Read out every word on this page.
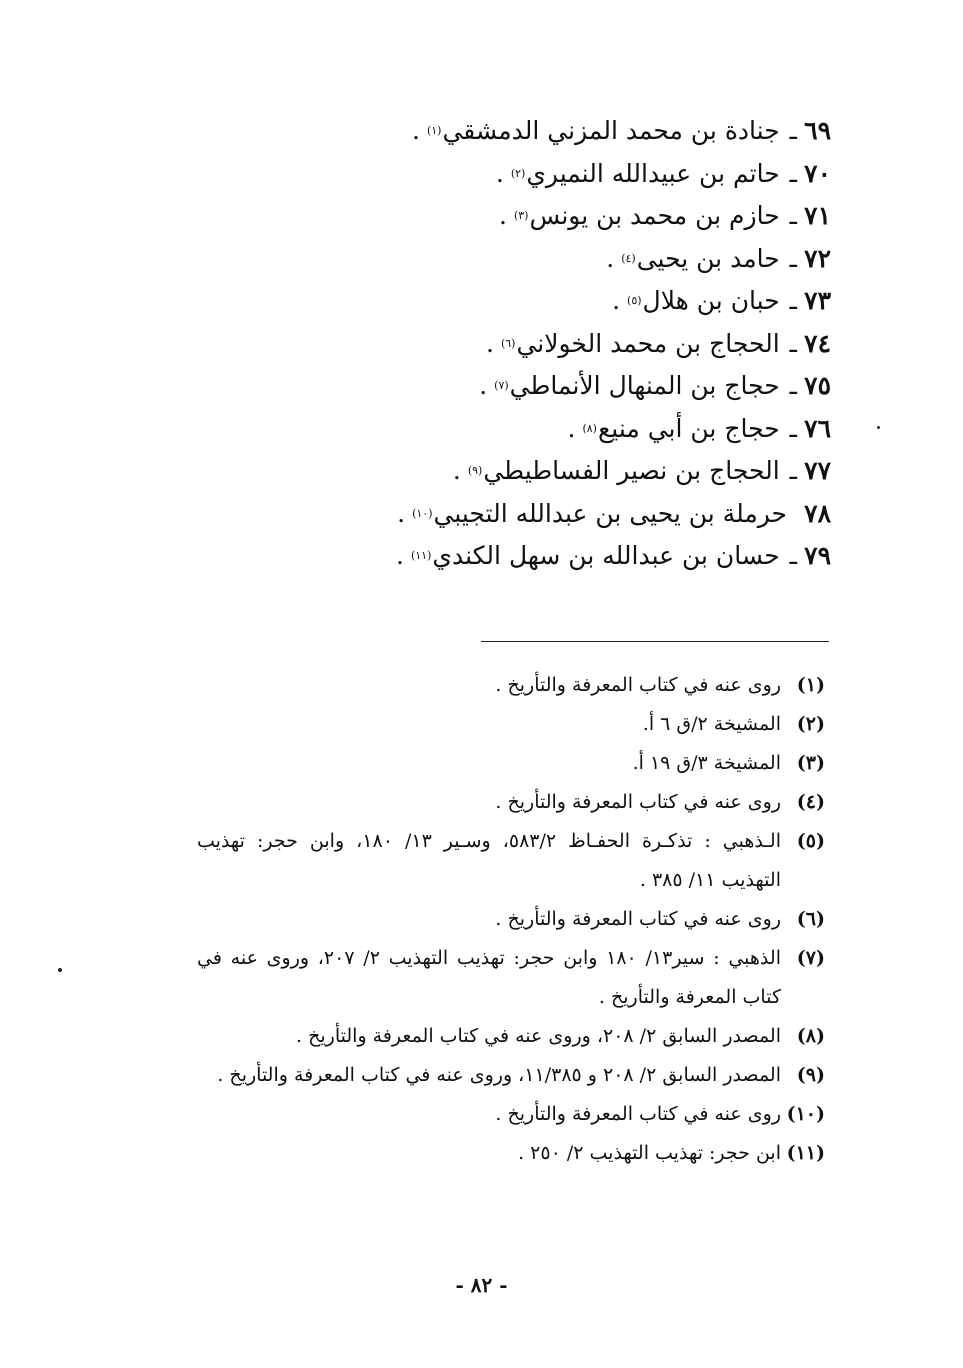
٦٩
ـ
جنادة بن محمد المزني الدمشقي
(١)
.
٧٠
ـ
حاتم بن عبيدالله النميري
(٢)
.
٧١
ـ
حازم بن محمد بن يونس
(٣)
.
٧٢
ـ
حامد بن يحيى
(٤)
.
٧٣
ـ
حبان بن هلال
(٥)
.
٧٤
ـ
الحجاج بن محمد الخولاني
(٦)
.
٧٥
ـ
حجاج بن المنهال الأنماطي
(٧)
.
٧٦
ـ
حجاج بن أبي منيع
(٨)
.
٧٧
ـ
الحجاج بن نصير الفساطيطي
(٩)
.
٧٨
حرملة بن يحيى بن عبدالله التجيبي
(١٠)
.
٧٩
ـ
حسان بن عبدالله بن سهل الكندي
(١١)
.
(١)
روى عنه في كتاب المعرفة والتأريخ .
(٢)
المشيخة ٢/ق ٦ أ.
(٣)
المشيخة ٣/ق ١٩ أ.
(٤)
روى عنه في كتاب المعرفة والتأريخ .
(٥)
الـذهبي : تذكـرة الحفـاظ ٥٨٣/٢، وسـير ١٣/ ١٨٠، وابن حجر: تهذيب التهذيب ١١/ ٣٨٥ .
(٦)
روى عنه في كتاب المعرفة والتأريخ .
(٧)
الذهبي : سير١٣/ ١٨٠ وابن حجر: تهذيب التهذيب ٢/ ٢٠٧، وروى عنه في كتاب المعرفة والتأريخ .
(٨)
المصدر السابق ٢/ ٢٠٨، وروى عنه في كتاب المعرفة والتأريخ .
(٩)
المصدر السابق ٢/ ٢٠٨ و ١١/٣٨٥، وروى عنه في كتاب المعرفة والتأريخ .
(١٠)
روى عنه في كتاب المعرفة والتأريخ .
(١١)
ابن حجر: تهذيب التهذيب ٢/ ٢٥٠ .
- ٨٢ -
